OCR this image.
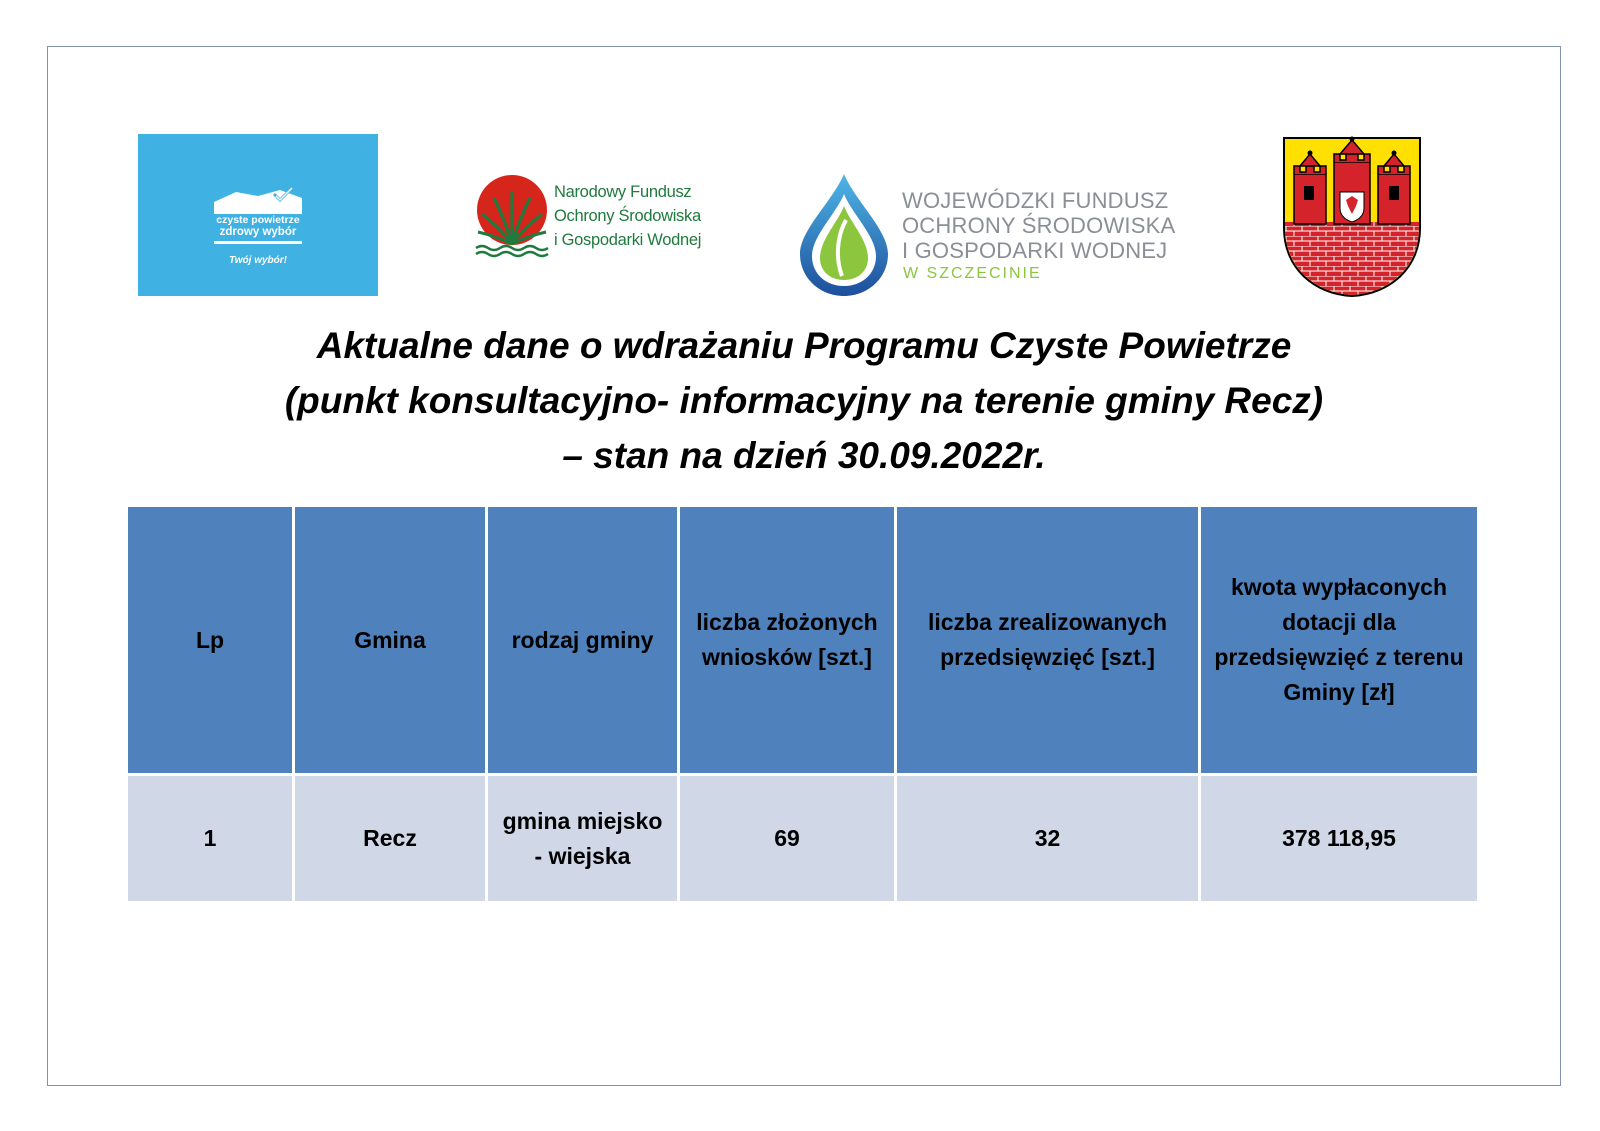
czyste powietrze
zdrowy wybór
Twój wybór!
Narodowy Fundusz
Ochrony Środowiska
i Gospodarki Wodnej
WOJEWÓDZKI FUNDUSZ
OCHRONY ŚRODOWISKA
I GOSPODARKI WODNEJ
W SZCZECINIE
Aktualne dane o wdrażaniu Programu Czyste Powietrze
(punkt konsultacyjno- informacyjny na terenie gminy Recz)
– stan na dzień 30.09.2022r.
Lp	Gmina	rodzaj gminy	liczba złożonych wniosków [szt.]	liczba zrealizowanych przedsięwzięć [szt.]	kwota wypłaconych dotacji dla przedsięwzięć z terenu Gminy [zł]
1	Recz	gmina miejsko - wiejska	69	32	378 118,95
